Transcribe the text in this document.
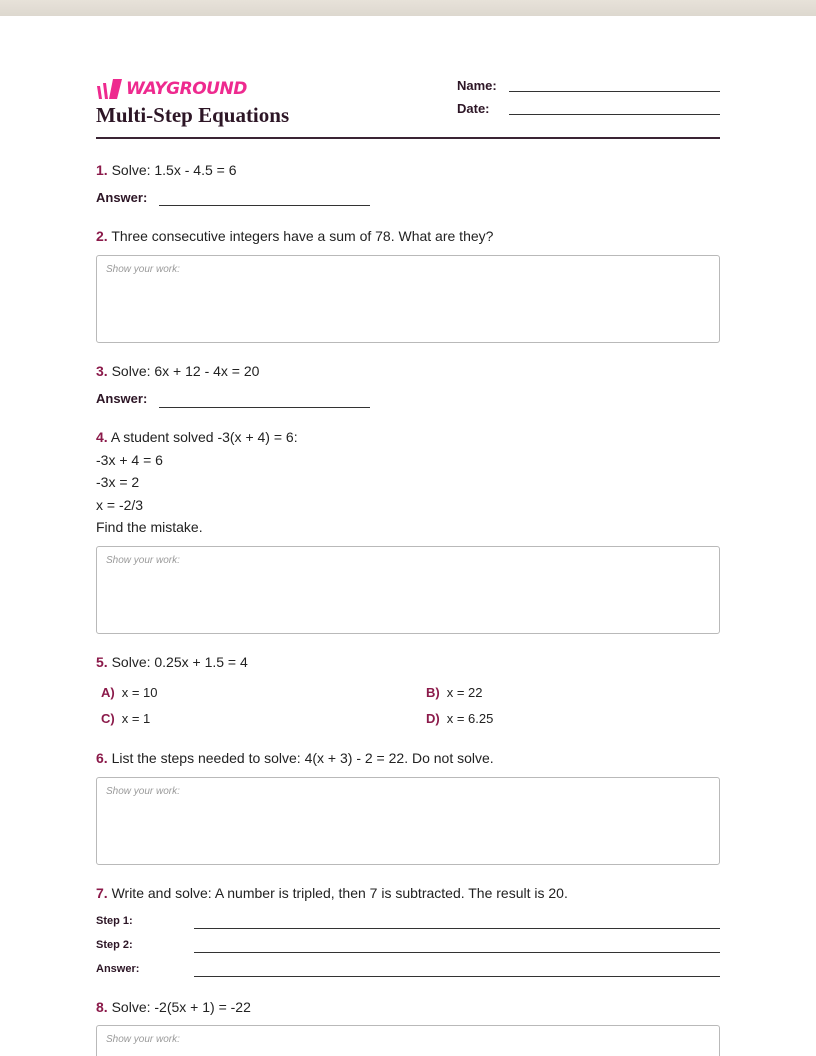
WAYGROUND
Multi-Step Equations
Name:
Date:
1. Solve: 1.5x - 4.5 = 6
Answer:
2. Three consecutive integers have a sum of 78. What are they?
Show your work:
3. Solve: 6x + 12 - 4x = 20
Answer:
4. A student solved -3(x + 4) = 6:
-3x + 4 = 6
-3x = 2
x = -2/3
Find the mistake.
Show your work:
5. Solve: 0.25x + 1.5 = 4
A) x = 10	B) x = 22
C) x = 1	D) x = 6.25
6. List the steps needed to solve: 4(x + 3) - 2 = 22. Do not solve.
Show your work:
7. Write and solve: A number is tripled, then 7 is subtracted. The result is 20.
Step 1:
Step 2:
Answer:
8. Solve: -2(5x + 1) = -22
Show your work:
